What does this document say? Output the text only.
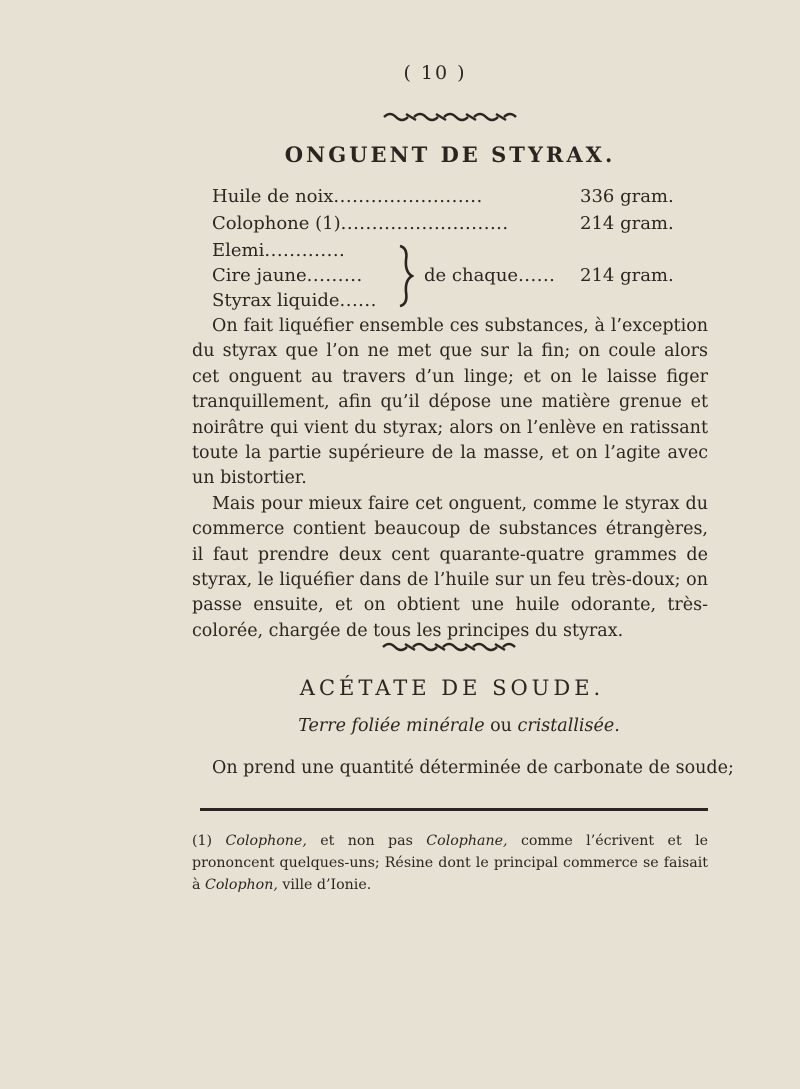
( 10 )
ONGUENT DE STYRAX.
Huile de noix........................	336 gram.
Colophone (1)...........................	214 gram.
Elemi.............
Cire jaune.........
Styrax liquide......
de chaque...... 214 gram.

On fait liquéfier ensemble ces substances, à l’exception du styrax que l’on ne met que sur la fin; on coule alors cet onguent au travers d’un linge; et on le laisse figer tranquillement, afin qu’il dépose une matière grenue et noirâtre qui vient du styrax; alors on l’enlève en ratissant toute la partie supérieure de la masse, et on l’agite avec un bistortier.

Mais pour mieux faire cet onguent, comme le styrax du commerce contient beaucoup de substances étrangères, il faut prendre deux cent quarante-quatre grammes de styrax, le liquéfier dans de l’huile sur un feu très-doux; on passe ensuite, et on obtient une huile odorante, très-colorée, chargée de tous les principes du styrax.

ACÉTATE DE SOUDE.
Terre foliée minérale ou cristallisée.
On prend une quantité déterminée de carbonate de soude;
(1) Colophone, et non pas Colophane, comme l’écrivent et le prononcent quelques-uns; Résine dont le principal commerce se faisait à Colophon, ville d’Ionie.
